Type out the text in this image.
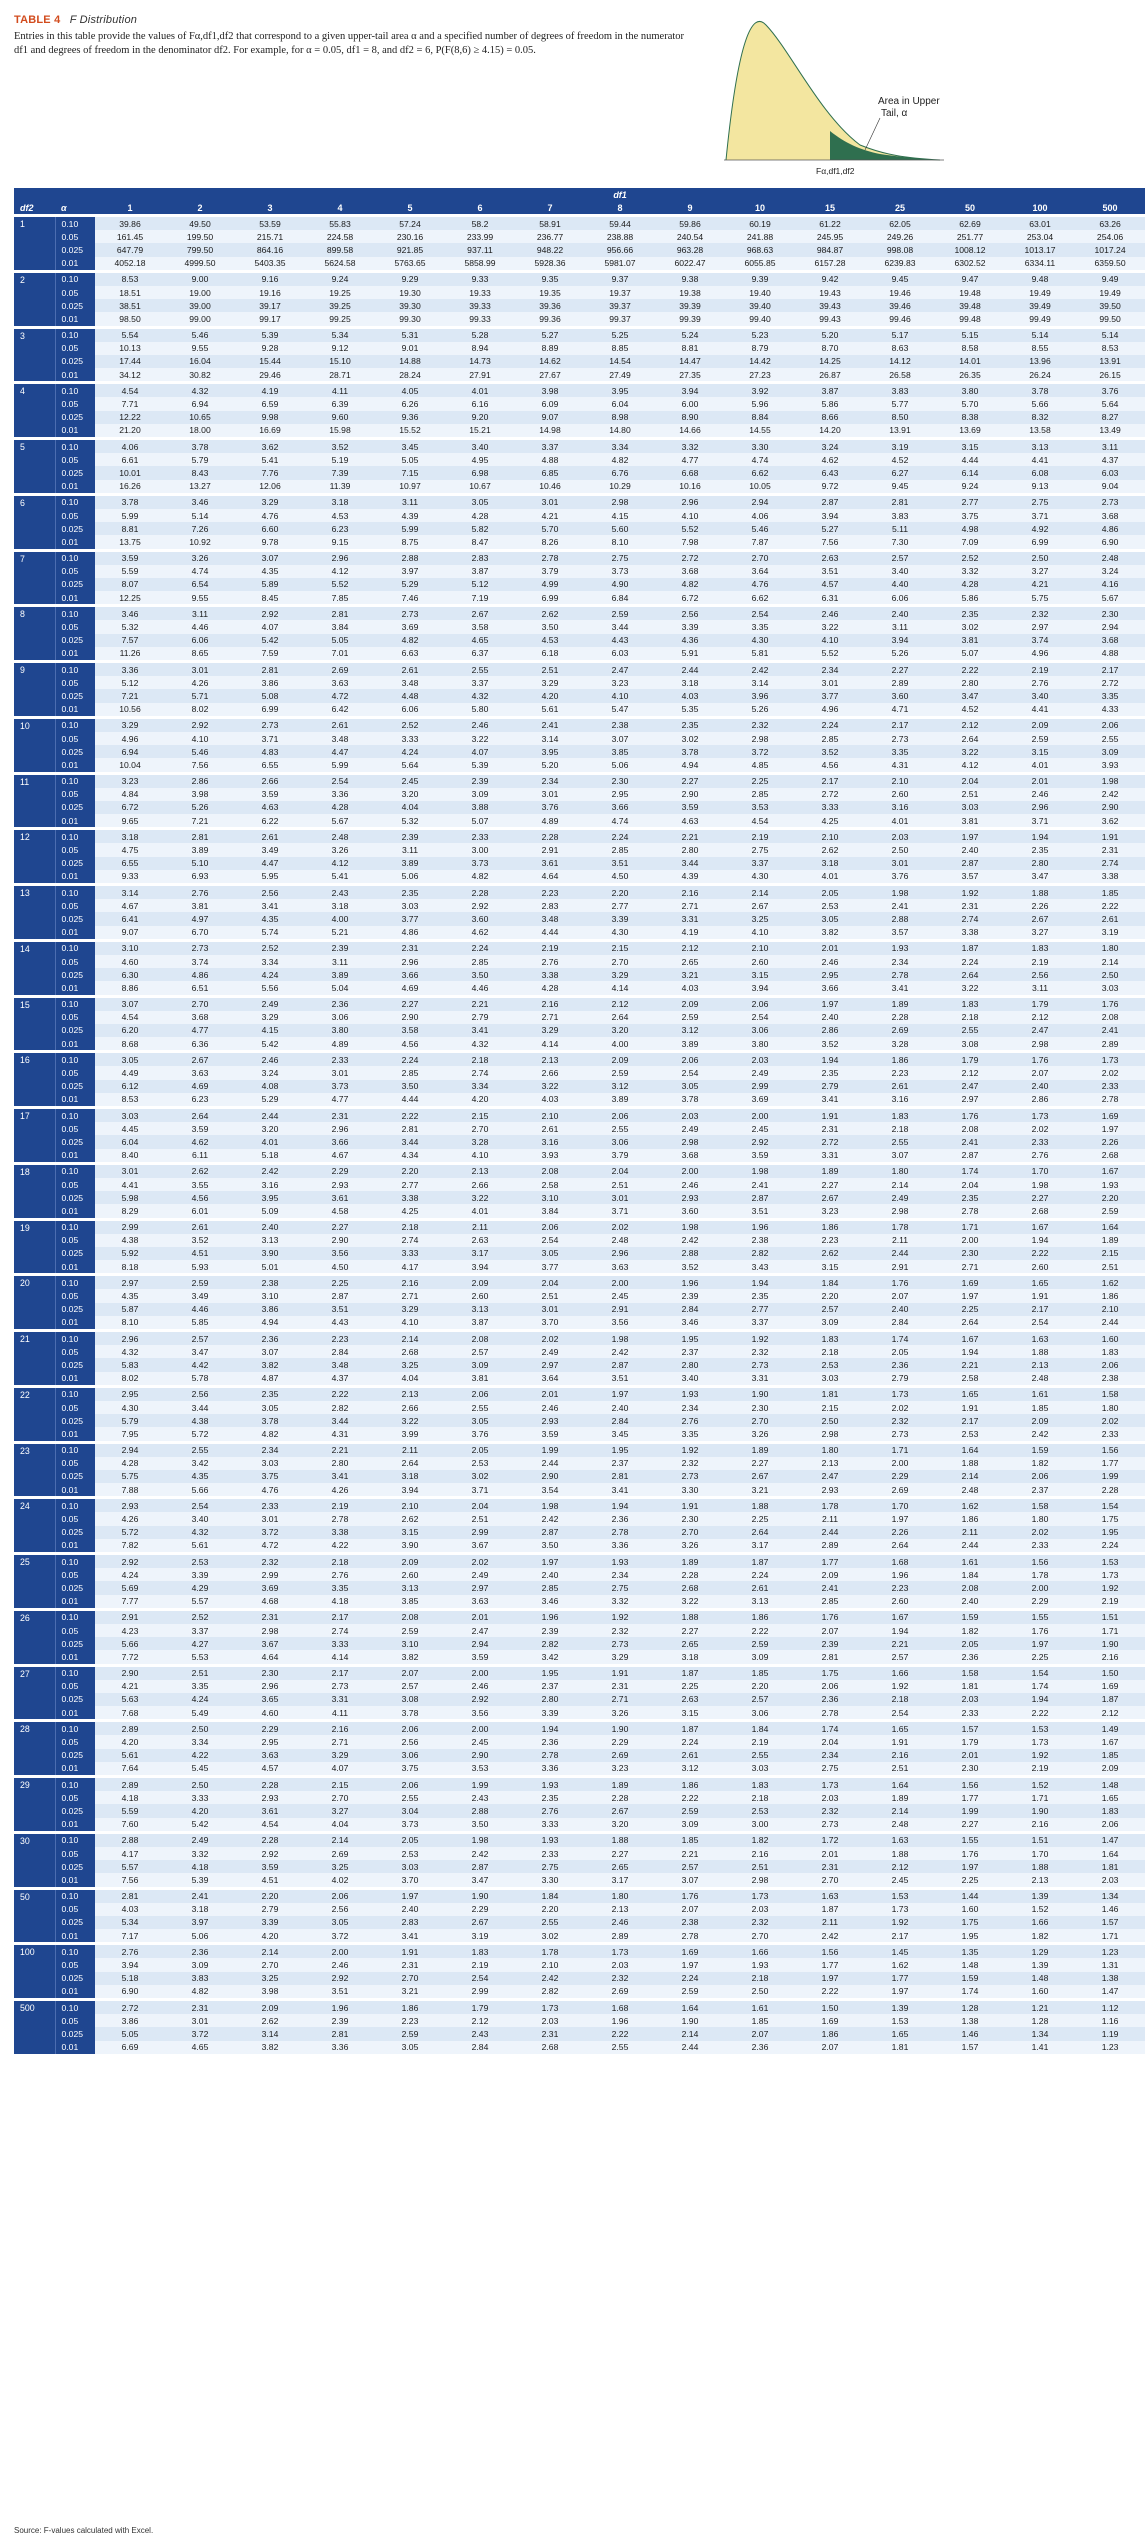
TABLE 4 F Distribution
Entries in this table provide the values of Fα,df1,df2 that correspond to a given upper-tail area α and a specified number of degrees of freedom in the numerator df1 and degrees of freedom in the denominator df2. For example, for α = 0.05, df1 = 8, and df2 = 6, P(F(8,6) ≥ 4.15) = 0.05.
Area in Upper
Tail, α
Fα,df1,df2
		df1														
df2	α	1	2	3	4	5	6	7	8	9	10	15	25	50	100	500
1	0.10	39.86	49.50	53.59	55.83	57.24	58.2	58.91	59.44	59.86	60.19	61.22	62.05	62.69	63.01	63.26
	0.05	161.45	199.50	215.71	224.58	230.16	233.99	236.77	238.88	240.54	241.88	245.95	249.26	251.77	253.04	254.06
	0.025	647.79	799.50	864.16	899.58	921.85	937.11	948.22	956.66	963.28	968.63	984.87	998.08	1008.12	1013.17	1017.24
	0.01	4052.18	4999.50	5403.35	5624.58	5763.65	5858.99	5928.36	5981.07	6022.47	6055.85	6157.28	6239.83	6302.52	6334.11	6359.50
2	0.10	8.53	9.00	9.16	9.24	9.29	9.33	9.35	9.37	9.38	9.39	9.42	9.45	9.47	9.48	9.49
	0.05	18.51	19.00	19.16	19.25	19.30	19.33	19.35	19.37	19.38	19.40	19.43	19.46	19.48	19.49	19.49
	0.025	38.51	39.00	39.17	39.25	39.30	39.33	39.36	39.37	39.39	39.40	39.43	39.46	39.48	39.49	39.50
	0.01	98.50	99.00	99.17	99.25	99.30	99.33	99.36	99.37	99.39	99.40	99.43	99.46	99.48	99.49	99.50
3	0.10	5.54	5.46	5.39	5.34	5.31	5.28	5.27	5.25	5.24	5.23	5.20	5.17	5.15	5.14	5.14
	0.05	10.13	9.55	9.28	9.12	9.01	8.94	8.89	8.85	8.81	8.79	8.70	8.63	8.58	8.55	8.53
	0.025	17.44	16.04	15.44	15.10	14.88	14.73	14.62	14.54	14.47	14.42	14.25	14.12	14.01	13.96	13.91
	0.01	34.12	30.82	29.46	28.71	28.24	27.91	27.67	27.49	27.35	27.23	26.87	26.58	26.35	26.24	26.15
4	0.10	4.54	4.32	4.19	4.11	4.05	4.01	3.98	3.95	3.94	3.92	3.87	3.83	3.80	3.78	3.76
	0.05	7.71	6.94	6.59	6.39	6.26	6.16	6.09	6.04	6.00	5.96	5.86	5.77	5.70	5.66	5.64
	0.025	12.22	10.65	9.98	9.60	9.36	9.20	9.07	8.98	8.90	8.84	8.66	8.50	8.38	8.32	8.27
	0.01	21.20	18.00	16.69	15.98	15.52	15.21	14.98	14.80	14.66	14.55	14.20	13.91	13.69	13.58	13.49
5	0.10	4.06	3.78	3.62	3.52	3.45	3.40	3.37	3.34	3.32	3.30	3.24	3.19	3.15	3.13	3.11
	0.05	6.61	5.79	5.41	5.19	5.05	4.95	4.88	4.82	4.77	4.74	4.62	4.52	4.44	4.41	4.37
	0.025	10.01	8.43	7.76	7.39	7.15	6.98	6.85	6.76	6.68	6.62	6.43	6.27	6.14	6.08	6.03
	0.01	16.26	13.27	12.06	11.39	10.97	10.67	10.46	10.29	10.16	10.05	9.72	9.45	9.24	9.13	9.04
6	0.10	3.78	3.46	3.29	3.18	3.11	3.05	3.01	2.98	2.96	2.94	2.87	2.81	2.77	2.75	2.73
	0.05	5.99	5.14	4.76	4.53	4.39	4.28	4.21	4.15	4.10	4.06	3.94	3.83	3.75	3.71	3.68
	0.025	8.81	7.26	6.60	6.23	5.99	5.82	5.70	5.60	5.52	5.46	5.27	5.11	4.98	4.92	4.86
	0.01	13.75	10.92	9.78	9.15	8.75	8.47	8.26	8.10	7.98	7.87	7.56	7.30	7.09	6.99	6.90
7	0.10	3.59	3.26	3.07	2.96	2.88	2.83	2.78	2.75	2.72	2.70	2.63	2.57	2.52	2.50	2.48
	0.05	5.59	4.74	4.35	4.12	3.97	3.87	3.79	3.73	3.68	3.64	3.51	3.40	3.32	3.27	3.24
	0.025	8.07	6.54	5.89	5.52	5.29	5.12	4.99	4.90	4.82	4.76	4.57	4.40	4.28	4.21	4.16
	0.01	12.25	9.55	8.45	7.85	7.46	7.19	6.99	6.84	6.72	6.62	6.31	6.06	5.86	5.75	5.67
8	0.10	3.46	3.11	2.92	2.81	2.73	2.67	2.62	2.59	2.56	2.54	2.46	2.40	2.35	2.32	2.30
	0.05	5.32	4.46	4.07	3.84	3.69	3.58	3.50	3.44	3.39	3.35	3.22	3.11	3.02	2.97	2.94
	0.025	7.57	6.06	5.42	5.05	4.82	4.65	4.53	4.43	4.36	4.30	4.10	3.94	3.81	3.74	3.68
	0.01	11.26	8.65	7.59	7.01	6.63	6.37	6.18	6.03	5.91	5.81	5.52	5.26	5.07	4.96	4.88
9	0.10	3.36	3.01	2.81	2.69	2.61	2.55	2.51	2.47	2.44	2.42	2.34	2.27	2.22	2.19	2.17
	0.05	5.12	4.26	3.86	3.63	3.48	3.37	3.29	3.23	3.18	3.14	3.01	2.89	2.80	2.76	2.72
	0.025	7.21	5.71	5.08	4.72	4.48	4.32	4.20	4.10	4.03	3.96	3.77	3.60	3.47	3.40	3.35
	0.01	10.56	8.02	6.99	6.42	6.06	5.80	5.61	5.47	5.35	5.26	4.96	4.71	4.52	4.41	4.33
10	0.10	3.29	2.92	2.73	2.61	2.52	2.46	2.41	2.38	2.35	2.32	2.24	2.17	2.12	2.09	2.06
	0.05	4.96	4.10	3.71	3.48	3.33	3.22	3.14	3.07	3.02	2.98	2.85	2.73	2.64	2.59	2.55
	0.025	6.94	5.46	4.83	4.47	4.24	4.07	3.95	3.85	3.78	3.72	3.52	3.35	3.22	3.15	3.09
	0.01	10.04	7.56	6.55	5.99	5.64	5.39	5.20	5.06	4.94	4.85	4.56	4.31	4.12	4.01	3.93
11	0.10	3.23	2.86	2.66	2.54	2.45	2.39	2.34	2.30	2.27	2.25	2.17	2.10	2.04	2.01	1.98
	0.05	4.84	3.98	3.59	3.36	3.20	3.09	3.01	2.95	2.90	2.85	2.72	2.60	2.51	2.46	2.42
	0.025	6.72	5.26	4.63	4.28	4.04	3.88	3.76	3.66	3.59	3.53	3.33	3.16	3.03	2.96	2.90
	0.01	9.65	7.21	6.22	5.67	5.32	5.07	4.89	4.74	4.63	4.54	4.25	4.01	3.81	3.71	3.62
12	0.10	3.18	2.81	2.61	2.48	2.39	2.33	2.28	2.24	2.21	2.19	2.10	2.03	1.97	1.94	1.91
	0.05	4.75	3.89	3.49	3.26	3.11	3.00	2.91	2.85	2.80	2.75	2.62	2.50	2.40	2.35	2.31
	0.025	6.55	5.10	4.47	4.12	3.89	3.73	3.61	3.51	3.44	3.37	3.18	3.01	2.87	2.80	2.74
	0.01	9.33	6.93	5.95	5.41	5.06	4.82	4.64	4.50	4.39	4.30	4.01	3.76	3.57	3.47	3.38
13	0.10	3.14	2.76	2.56	2.43	2.35	2.28	2.23	2.20	2.16	2.14	2.05	1.98	1.92	1.88	1.85
	0.05	4.67	3.81	3.41	3.18	3.03	2.92	2.83	2.77	2.71	2.67	2.53	2.41	2.31	2.26	2.22
	0.025	6.41	4.97	4.35	4.00	3.77	3.60	3.48	3.39	3.31	3.25	3.05	2.88	2.74	2.67	2.61
	0.01	9.07	6.70	5.74	5.21	4.86	4.62	4.44	4.30	4.19	4.10	3.82	3.57	3.38	3.27	3.19
14	0.10	3.10	2.73	2.52	2.39	2.31	2.24	2.19	2.15	2.12	2.10	2.01	1.93	1.87	1.83	1.80
	0.05	4.60	3.74	3.34	3.11	2.96	2.85	2.76	2.70	2.65	2.60	2.46	2.34	2.24	2.19	2.14
	0.025	6.30	4.86	4.24	3.89	3.66	3.50	3.38	3.29	3.21	3.15	2.95	2.78	2.64	2.56	2.50
	0.01	8.86	6.51	5.56	5.04	4.69	4.46	4.28	4.14	4.03	3.94	3.66	3.41	3.22	3.11	3.03
15	0.10	3.07	2.70	2.49	2.36	2.27	2.21	2.16	2.12	2.09	2.06	1.97	1.89	1.83	1.79	1.76
	0.05	4.54	3.68	3.29	3.06	2.90	2.79	2.71	2.64	2.59	2.54	2.40	2.28	2.18	2.12	2.08
	0.025	6.20	4.77	4.15	3.80	3.58	3.41	3.29	3.20	3.12	3.06	2.86	2.69	2.55	2.47	2.41
	0.01	8.68	6.36	5.42	4.89	4.56	4.32	4.14	4.00	3.89	3.80	3.52	3.28	3.08	2.98	2.89
16	0.10	3.05	2.67	2.46	2.33	2.24	2.18	2.13	2.09	2.06	2.03	1.94	1.86	1.79	1.76	1.73
	0.05	4.49	3.63	3.24	3.01	2.85	2.74	2.66	2.59	2.54	2.49	2.35	2.23	2.12	2.07	2.02
	0.025	6.12	4.69	4.08	3.73	3.50	3.34	3.22	3.12	3.05	2.99	2.79	2.61	2.47	2.40	2.33
	0.01	8.53	6.23	5.29	4.77	4.44	4.20	4.03	3.89	3.78	3.69	3.41	3.16	2.97	2.86	2.78
17	0.10	3.03	2.64	2.44	2.31	2.22	2.15	2.10	2.06	2.03	2.00	1.91	1.83	1.76	1.73	1.69
	0.05	4.45	3.59	3.20	2.96	2.81	2.70	2.61	2.55	2.49	2.45	2.31	2.18	2.08	2.02	1.97
	0.025	6.04	4.62	4.01	3.66	3.44	3.28	3.16	3.06	2.98	2.92	2.72	2.55	2.41	2.33	2.26
	0.01	8.40	6.11	5.18	4.67	4.34	4.10	3.93	3.79	3.68	3.59	3.31	3.07	2.87	2.76	2.68
18	0.10	3.01	2.62	2.42	2.29	2.20	2.13	2.08	2.04	2.00	1.98	1.89	1.80	1.74	1.70	1.67
	0.05	4.41	3.55	3.16	2.93	2.77	2.66	2.58	2.51	2.46	2.41	2.27	2.14	2.04	1.98	1.93
	0.025	5.98	4.56	3.95	3.61	3.38	3.22	3.10	3.01	2.93	2.87	2.67	2.49	2.35	2.27	2.20
	0.01	8.29	6.01	5.09	4.58	4.25	4.01	3.84	3.71	3.60	3.51	3.23	2.98	2.78	2.68	2.59
19	0.10	2.99	2.61	2.40	2.27	2.18	2.11	2.06	2.02	1.98	1.96	1.86	1.78	1.71	1.67	1.64
	0.05	4.38	3.52	3.13	2.90	2.74	2.63	2.54	2.48	2.42	2.38	2.23	2.11	2.00	1.94	1.89
	0.025	5.92	4.51	3.90	3.56	3.33	3.17	3.05	2.96	2.88	2.82	2.62	2.44	2.30	2.22	2.15
	0.01	8.18	5.93	5.01	4.50	4.17	3.94	3.77	3.63	3.52	3.43	3.15	2.91	2.71	2.60	2.51
20	0.10	2.97	2.59	2.38	2.25	2.16	2.09	2.04	2.00	1.96	1.94	1.84	1.76	1.69	1.65	1.62
	0.05	4.35	3.49	3.10	2.87	2.71	2.60	2.51	2.45	2.39	2.35	2.20	2.07	1.97	1.91	1.86
	0.025	5.87	4.46	3.86	3.51	3.29	3.13	3.01	2.91	2.84	2.77	2.57	2.40	2.25	2.17	2.10
	0.01	8.10	5.85	4.94	4.43	4.10	3.87	3.70	3.56	3.46	3.37	3.09	2.84	2.64	2.54	2.44
21	0.10	2.96	2.57	2.36	2.23	2.14	2.08	2.02	1.98	1.95	1.92	1.83	1.74	1.67	1.63	1.60
	0.05	4.32	3.47	3.07	2.84	2.68	2.57	2.49	2.42	2.37	2.32	2.18	2.05	1.94	1.88	1.83
	0.025	5.83	4.42	3.82	3.48	3.25	3.09	2.97	2.87	2.80	2.73	2.53	2.36	2.21	2.13	2.06
	0.01	8.02	5.78	4.87	4.37	4.04	3.81	3.64	3.51	3.40	3.31	3.03	2.79	2.58	2.48	2.38
22	0.10	2.95	2.56	2.35	2.22	2.13	2.06	2.01	1.97	1.93	1.90	1.81	1.73	1.65	1.61	1.58
	0.05	4.30	3.44	3.05	2.82	2.66	2.55	2.46	2.40	2.34	2.30	2.15	2.02	1.91	1.85	1.80
	0.025	5.79	4.38	3.78	3.44	3.22	3.05	2.93	2.84	2.76	2.70	2.50	2.32	2.17	2.09	2.02
	0.01	7.95	5.72	4.82	4.31	3.99	3.76	3.59	3.45	3.35	3.26	2.98	2.73	2.53	2.42	2.33
23	0.10	2.94	2.55	2.34	2.21	2.11	2.05	1.99	1.95	1.92	1.89	1.80	1.71	1.64	1.59	1.56
	0.05	4.28	3.42	3.03	2.80	2.64	2.53	2.44	2.37	2.32	2.27	2.13	2.00	1.88	1.82	1.77
	0.025	5.75	4.35	3.75	3.41	3.18	3.02	2.90	2.81	2.73	2.67	2.47	2.29	2.14	2.06	1.99
	0.01	7.88	5.66	4.76	4.26	3.94	3.71	3.54	3.41	3.30	3.21	2.93	2.69	2.48	2.37	2.28
24	0.10	2.93	2.54	2.33	2.19	2.10	2.04	1.98	1.94	1.91	1.88	1.78	1.70	1.62	1.58	1.54
	0.05	4.26	3.40	3.01	2.78	2.62	2.51	2.42	2.36	2.30	2.25	2.11	1.97	1.86	1.80	1.75
	0.025	5.72	4.32	3.72	3.38	3.15	2.99	2.87	2.78	2.70	2.64	2.44	2.26	2.11	2.02	1.95
	0.01	7.82	5.61	4.72	4.22	3.90	3.67	3.50	3.36	3.26	3.17	2.89	2.64	2.44	2.33	2.24
25	0.10	2.92	2.53	2.32	2.18	2.09	2.02	1.97	1.93	1.89	1.87	1.77	1.68	1.61	1.56	1.53
	0.05	4.24	3.39	2.99	2.76	2.60	2.49	2.40	2.34	2.28	2.24	2.09	1.96	1.84	1.78	1.73
	0.025	5.69	4.29	3.69	3.35	3.13	2.97	2.85	2.75	2.68	2.61	2.41	2.23	2.08	2.00	1.92
	0.01	7.77	5.57	4.68	4.18	3.85	3.63	3.46	3.32	3.22	3.13	2.85	2.60	2.40	2.29	2.19
26	0.10	2.91	2.52	2.31	2.17	2.08	2.01	1.96	1.92	1.88	1.86	1.76	1.67	1.59	1.55	1.51
	0.05	4.23	3.37	2.98	2.74	2.59	2.47	2.39	2.32	2.27	2.22	2.07	1.94	1.82	1.76	1.71
	0.025	5.66	4.27	3.67	3.33	3.10	2.94	2.82	2.73	2.65	2.59	2.39	2.21	2.05	1.97	1.90
	0.01	7.72	5.53	4.64	4.14	3.82	3.59	3.42	3.29	3.18	3.09	2.81	2.57	2.36	2.25	2.16
27	0.10	2.90	2.51	2.30	2.17	2.07	2.00	1.95	1.91	1.87	1.85	1.75	1.66	1.58	1.54	1.50
	0.05	4.21	3.35	2.96	2.73	2.57	2.46	2.37	2.31	2.25	2.20	2.06	1.92	1.81	1.74	1.69
	0.025	5.63	4.24	3.65	3.31	3.08	2.92	2.80	2.71	2.63	2.57	2.36	2.18	2.03	1.94	1.87
	0.01	7.68	5.49	4.60	4.11	3.78	3.56	3.39	3.26	3.15	3.06	2.78	2.54	2.33	2.22	2.12
28	0.10	2.89	2.50	2.29	2.16	2.06	2.00	1.94	1.90	1.87	1.84	1.74	1.65	1.57	1.53	1.49
	0.05	4.20	3.34	2.95	2.71	2.56	2.45	2.36	2.29	2.24	2.19	2.04	1.91	1.79	1.73	1.67
	0.025	5.61	4.22	3.63	3.29	3.06	2.90	2.78	2.69	2.61	2.55	2.34	2.16	2.01	1.92	1.85
	0.01	7.64	5.45	4.57	4.07	3.75	3.53	3.36	3.23	3.12	3.03	2.75	2.51	2.30	2.19	2.09
29	0.10	2.89	2.50	2.28	2.15	2.06	1.99	1.93	1.89	1.86	1.83	1.73	1.64	1.56	1.52	1.48
	0.05	4.18	3.33	2.93	2.70	2.55	2.43	2.35	2.28	2.22	2.18	2.03	1.89	1.77	1.71	1.65
	0.025	5.59	4.20	3.61	3.27	3.04	2.88	2.76	2.67	2.59	2.53	2.32	2.14	1.99	1.90	1.83
	0.01	7.60	5.42	4.54	4.04	3.73	3.50	3.33	3.20	3.09	3.00	2.73	2.48	2.27	2.16	2.06
30	0.10	2.88	2.49	2.28	2.14	2.05	1.98	1.93	1.88	1.85	1.82	1.72	1.63	1.55	1.51	1.47
	0.05	4.17	3.32	2.92	2.69	2.53	2.42	2.33	2.27	2.21	2.16	2.01	1.88	1.76	1.70	1.64
	0.025	5.57	4.18	3.59	3.25	3.03	2.87	2.75	2.65	2.57	2.51	2.31	2.12	1.97	1.88	1.81
	0.01	7.56	5.39	4.51	4.02	3.70	3.47	3.30	3.17	3.07	2.98	2.70	2.45	2.25	2.13	2.03
50	0.10	2.81	2.41	2.20	2.06	1.97	1.90	1.84	1.80	1.76	1.73	1.63	1.53	1.44	1.39	1.34
	0.05	4.03	3.18	2.79	2.56	2.40	2.29	2.20	2.13	2.07	2.03	1.87	1.73	1.60	1.52	1.46
	0.025	5.34	3.97	3.39	3.05	2.83	2.67	2.55	2.46	2.38	2.32	2.11	1.92	1.75	1.66	1.57
	0.01	7.17	5.06	4.20	3.72	3.41	3.19	3.02	2.89	2.78	2.70	2.42	2.17	1.95	1.82	1.71
100	0.10	2.76	2.36	2.14	2.00	1.91	1.83	1.78	1.73	1.69	1.66	1.56	1.45	1.35	1.29	1.23
	0.05	3.94	3.09	2.70	2.46	2.31	2.19	2.10	2.03	1.97	1.93	1.77	1.62	1.48	1.39	1.31
	0.025	5.18	3.83	3.25	2.92	2.70	2.54	2.42	2.32	2.24	2.18	1.97	1.77	1.59	1.48	1.38
	0.01	6.90	4.82	3.98	3.51	3.21	2.99	2.82	2.69	2.59	2.50	2.22	1.97	1.74	1.60	1.47
500	0.10	2.72	2.31	2.09	1.96	1.86	1.79	1.73	1.68	1.64	1.61	1.50	1.39	1.28	1.21	1.12
	0.05	3.86	3.01	2.62	2.39	2.23	2.12	2.03	1.96	1.90	1.85	1.69	1.53	1.38	1.28	1.16
	0.025	5.05	3.72	3.14	2.81	2.59	2.43	2.31	2.22	2.14	2.07	1.86	1.65	1.46	1.34	1.19
	0.01	6.69	4.65	3.82	3.36	3.05	2.84	2.68	2.55	2.44	2.36	2.07	1.81	1.57	1.41	1.23
Source: F-values calculated with Excel.
